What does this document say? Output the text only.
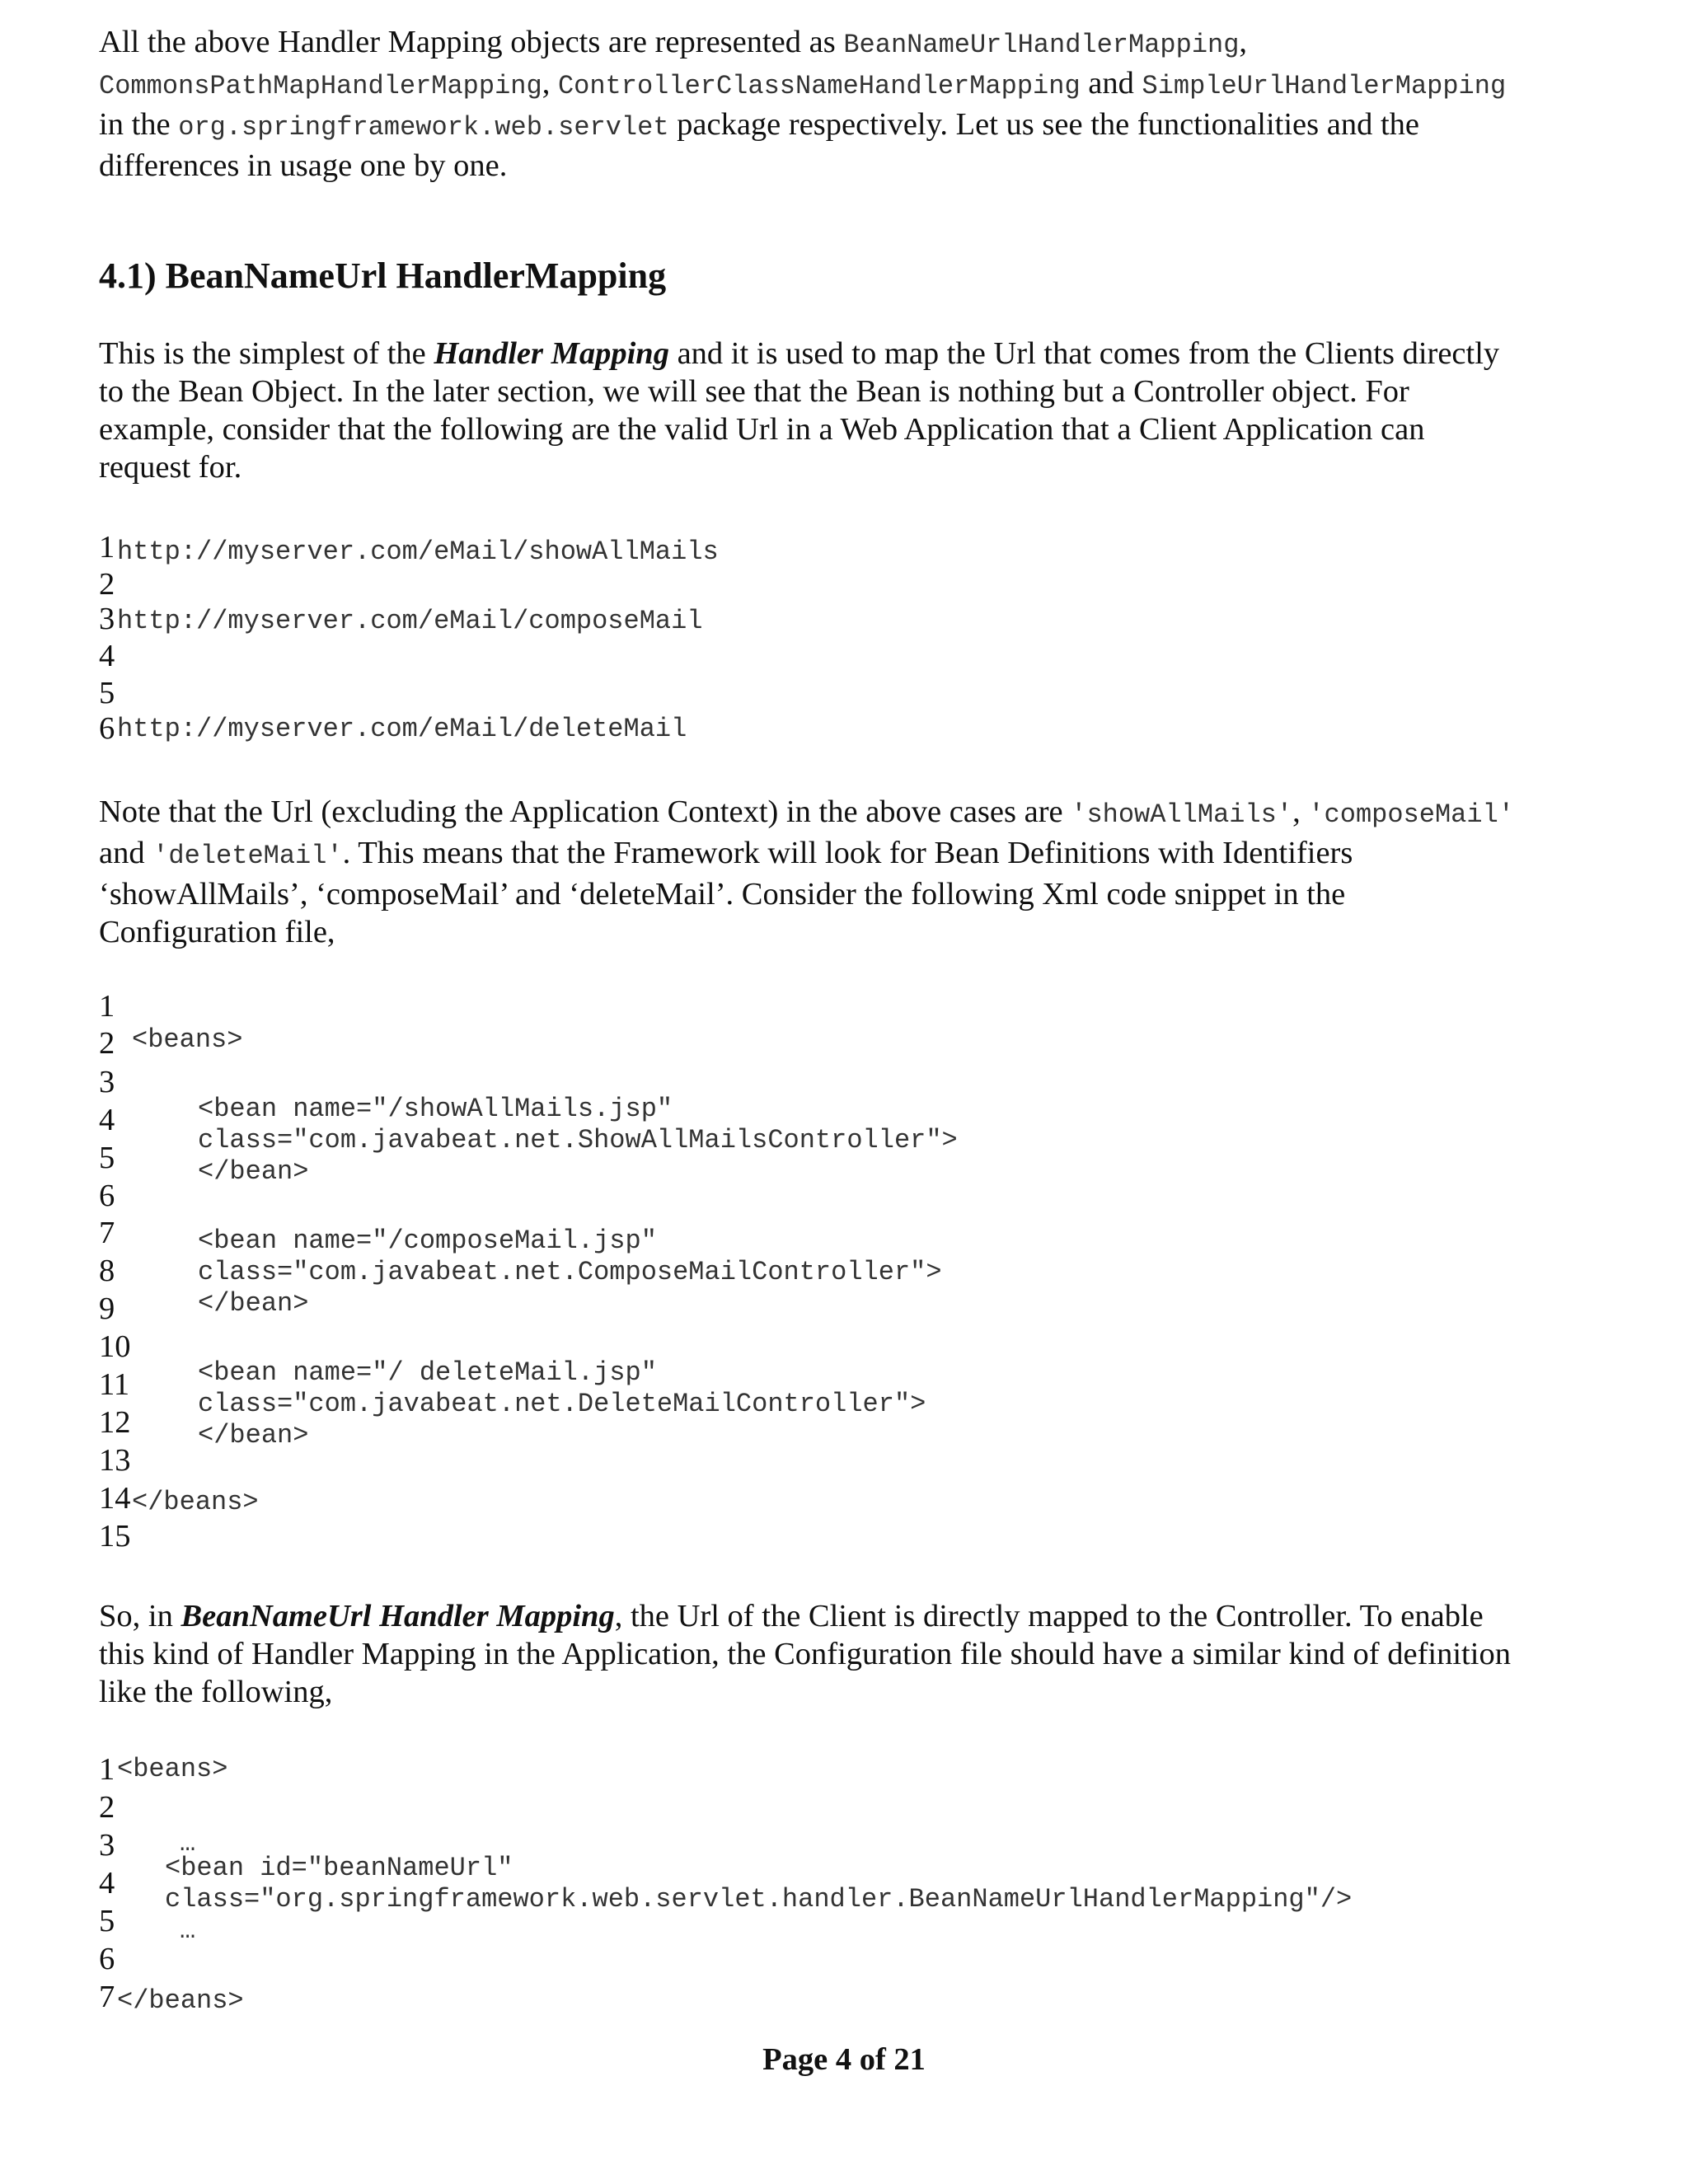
All the above Handler Mapping objects are represented as BeanNameUrlHandlerMapping,
CommonsPathMapHandlerMapping, ControllerClassNameHandlerMapping and SimpleUrlHandlerMapping
in the org.springframework.web.servlet package respectively. Let us see the functionalities and the
differences in usage one by one.
4.1) BeanNameUrl HandlerMapping
This is the simplest of the Handler Mapping and it is used to map the Url that comes from the Clients directly
to the Bean Object. In the later section, we will see that the Bean is nothing but a Controller object. For
example, consider that the following are the valid Url in a Web Application that a Client Application can
request for.
1
2
3
4
5
6
http://myserver.com/eMail/showAllMails
http://myserver.com/eMail/composeMail
http://myserver.com/eMail/deleteMail
Note that the Url (excluding the Application Context) in the above cases are 'showAllMails', 'composeMail'
and 'deleteMail'. This means that the Framework will look for Bean Definitions with Identifiers
‘showAllMails’, ‘composeMail’ and ‘deleteMail’. Consider the following Xml code snippet in the
Configuration file,
1
2
3
4
5
6
7
8
9
10
11
12
13
14
15
<beans>
<bean name="/showAllMails.jsp"
class="com.javabeat.net.ShowAllMailsController">
</bean>
<bean name="/composeMail.jsp"
class="com.javabeat.net.ComposeMailController">
</bean>
<bean name="/ deleteMail.jsp"
class="com.javabeat.net.DeleteMailController">
</bean>
</beans>
So, in BeanNameUrl Handler Mapping, the Url of the Client is directly mapped to the Controller. To enable
this kind of Handler Mapping in the Application, the Configuration file should have a similar kind of definition
like the following,
1
2
3
4
5
6
7
<beans>
…
<bean id="beanNameUrl"
class="org.springframework.web.servlet.handler.BeanNameUrlHandlerMapping"/>
…
</beans>
Page 4 of 21
